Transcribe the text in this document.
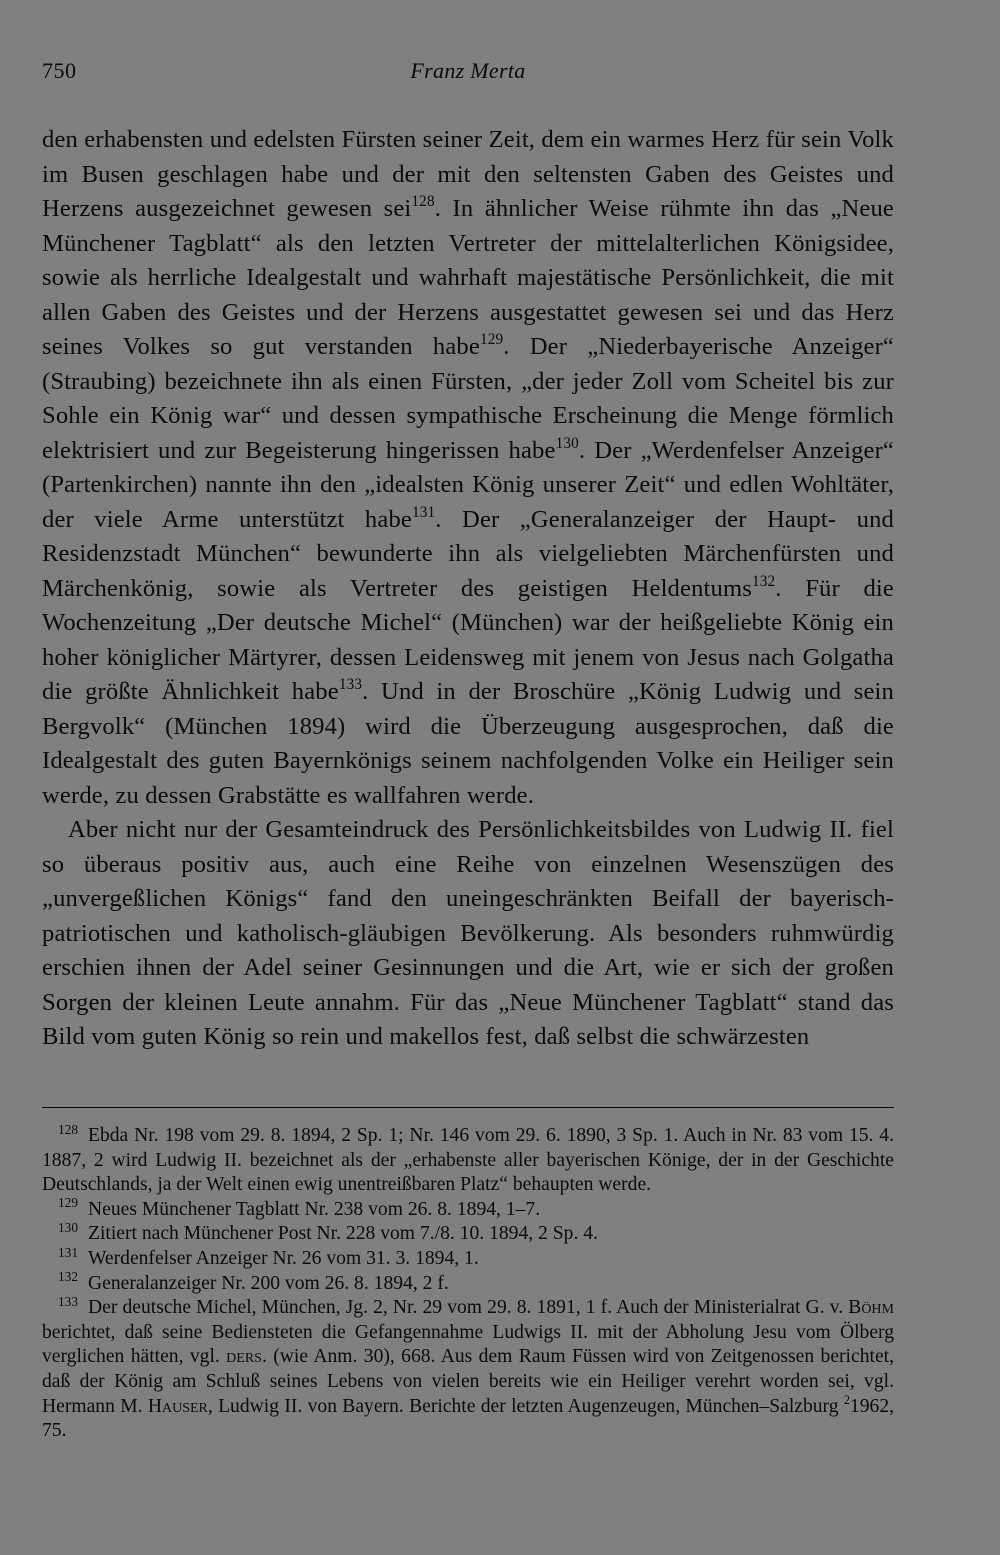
750	Franz Merta

den erhabensten und edelsten Fürsten seiner Zeit, dem ein warmes Herz für sein Volk im Busen geschlagen habe und der mit den seltensten Gaben des Geistes und Herzens ausgezeichnet gewesen sei$^{128}$. In ähnlicher Weise rühmte ihn das „Neue Münchener Tagblatt“ als den letzten Vertreter der mittelalterlichen Königsidee, sowie als herrliche Idealgestalt und wahrhaft majestätische Persönlichkeit, die mit allen Gaben des Geistes und der Herzens ausgestattet gewesen sei und das Herz seines Volkes so gut verstanden habe$^{129}$. Der „Niederbayerische Anzeiger“ (Straubing) bezeichnete ihn als einen Fürsten, „der jeder Zoll vom Scheitel bis zur Sohle ein König war“ und dessen sympathische Erscheinung die Menge förmlich elektrisiert und zur Begeisterung hingerissen habe$^{130}$. Der „Werdenfelser Anzeiger“ (Partenkirchen) nannte ihn den „idealsten König unserer Zeit“ und edlen Wohltäter, der viele Arme unterstützt habe$^{131}$. Der „Generalanzeiger der Haupt- und Residenzstadt München“ bewunderte ihn als vielgeliebten Märchenfürsten und Märchenkönig, sowie als Vertreter des geistigen Heldentums$^{132}$. Für die Wochenzeitung „Der deutsche Michel“ (München) war der heißgeliebte König ein hoher königlicher Märtyrer, dessen Leidensweg mit jenem von Jesus nach Golgatha die größte Ähnlichkeit habe$^{133}$. Und in der Broschüre „König Ludwig und sein Bergvolk“ (München 1894) wird die Überzeugung ausgesprochen, daß die Idealgestalt des guten Bayernkönigs seinem nachfolgenden Volke ein Heiliger sein werde, zu dessen Grabstätte es wallfahren werde.

Aber nicht nur der Gesamteindruck des Persönlichkeitsbildes von Ludwig II. fiel so überaus positiv aus, auch eine Reihe von einzelnen Wesenszügen des „unvergeßlichen Königs“ fand den uneingeschränkten Beifall der bayerisch-patriotischen und katholisch-gläubigen Bevölkerung. Als besonders ruhmwürdig erschien ihnen der Adel seiner Gesinnungen und die Art, wie er sich der großen Sorgen der kleinen Leute annahm. Für das „Neue Münchener Tagblatt“ stand das Bild vom guten König so rein und makellos fest, daß selbst die schwärzesten

128 Ebda Nr. 198 vom 29. 8. 1894, 2 Sp. 1; Nr. 146 vom 29. 6. 1890, 3 Sp. 1. Auch in Nr. 83 vom 15. 4. 1887, 2 wird Ludwig II. bezeichnet als der „erhabenste aller bayerischen Könige, der in der Geschichte Deutschlands, ja der Welt einen ewig unentreißbaren Platz“ behaupten werde.

129 Neues Münchener Tagblatt Nr. 238 vom 26. 8. 1894, 1–7.

130 Zitiert nach Münchener Post Nr. 228 vom 7./8. 10. 1894, 2 Sp. 4.

131 Werdenfelser Anzeiger Nr. 26 vom 31. 3. 1894, 1.

132 Generalanzeiger Nr. 200 vom 26. 8. 1894, 2 f.

133 Der deutsche Michel, München, Jg. 2, Nr. 29 vom 29. 8. 1891, 1 f. Auch der Ministerialrat G. v. Böhm berichtet, daß seine Bediensteten die Gefangennahme Ludwigs II. mit der Abholung Jesu vom Ölberg verglichen hätten, vgl. ders. (wie Anm. 30), 668. Aus dem Raum Füssen wird von Zeitgenossen berichtet, daß der König am Schluß seines Lebens von vielen bereits wie ein Heiliger verehrt worden sei, vgl. Hermann M. Hauser, Ludwig II. von Bayern. Berichte der letzten Augenzeugen, München–Salzburg $^2$1962, 75.
